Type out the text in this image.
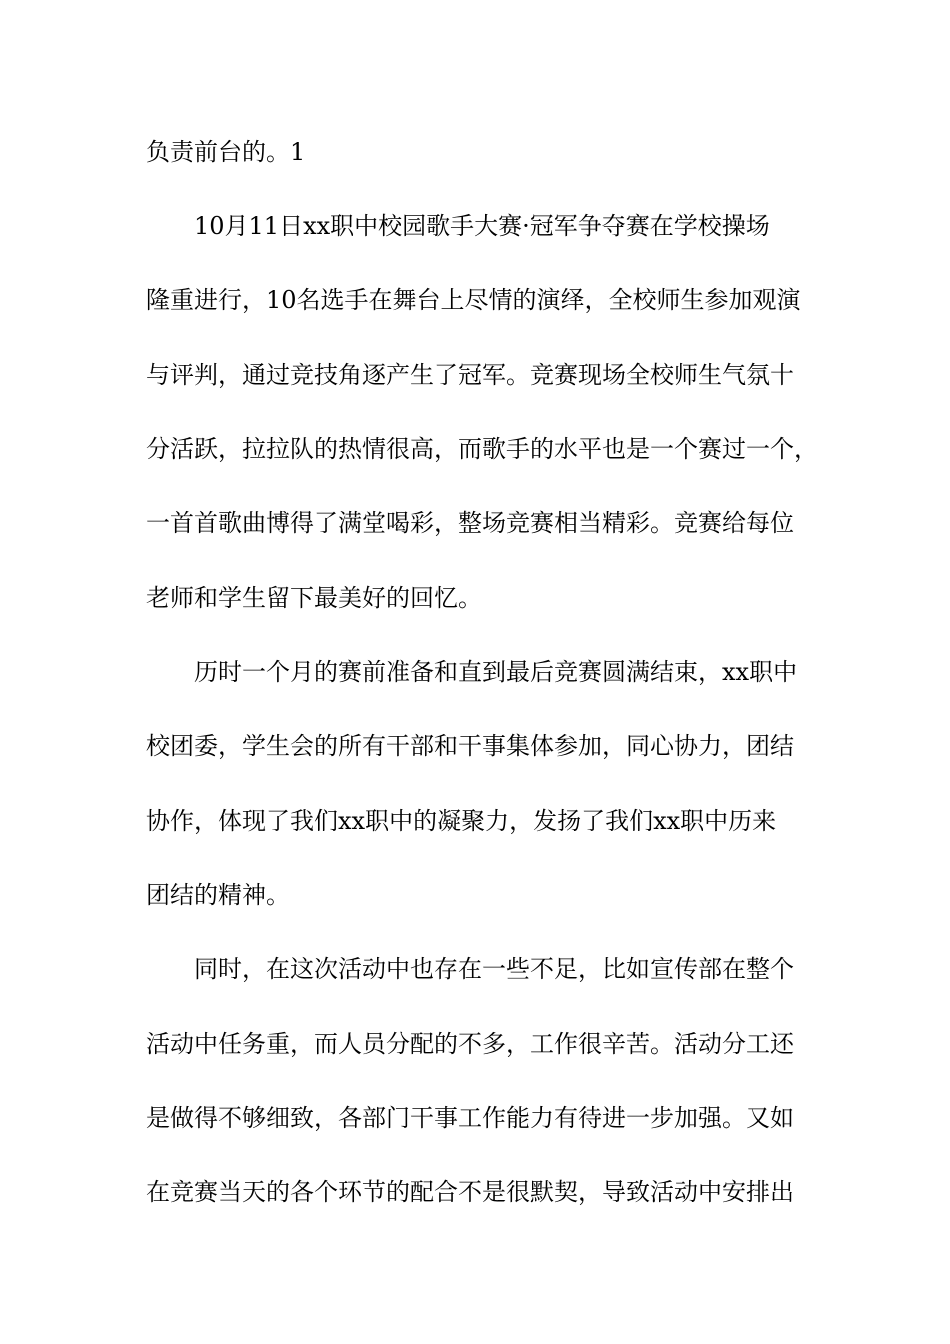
负责前台的。1

10月11日xx职中校园歌手大赛·冠军争夺赛在学校操场

隆重进行，10名选手在舞台上尽情的演绎，全校师生参加观演

与评判，通过竞技角逐产生了冠军。竞赛现场全校师生气氛十

分活跃，拉拉队的热情很高，而歌手的水平也是一个赛过一个，

一首首歌曲博得了满堂喝彩，整场竞赛相当精彩。竞赛给每位

老师和学生留下最美好的回忆。

历时一个月的赛前准备和直到最后竞赛圆满结束，xx职中

校团委，学生会的所有干部和干事集体参加，同心协力，团结

协作，体现了我们xx职中的凝聚力，发扬了我们xx职中历来

团结的精神。

同时，在这次活动中也存在一些不足，比如宣传部在整个

活动中任务重，而人员分配的不多，工作很辛苦。活动分工还

是做得不够细致，各部门干事工作能力有待进一步加强。又如

在竞赛当天的各个环节的配合不是很默契，导致活动中安排出
